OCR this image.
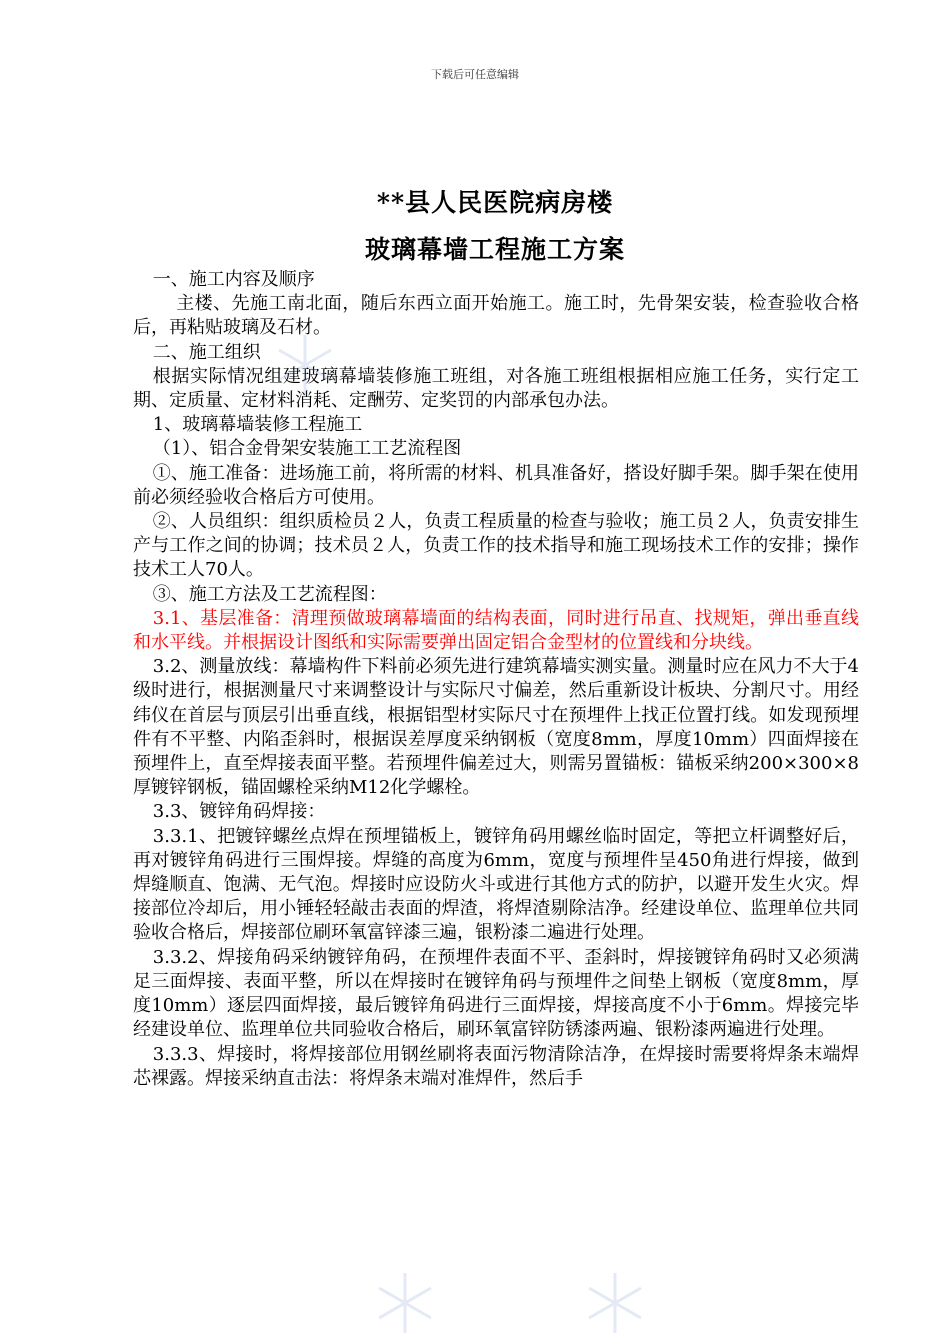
下载后可任意编辑
**县人民医院病房楼
玻璃幕墙工程施工方案

一、施工内容及顺序

主楼、先施工南北面，随后东西立面开始施工。施工时，先骨架安装，检查验收合格后，再粘贴玻璃及石材。

二、施工组织

根据实际情况组建玻璃幕墙装修施工班组，对各施工班组根据相应施工任务，实行定工期、定质量、定材料消耗、定酬劳、定奖罚的内部承包办法。

1、玻璃幕墙装修工程施工

（1）、铝合金骨架安装施工工艺流程图

①、施工准备：进场施工前，将所需的材料、机具准备好，搭设好脚手架。脚手架在使用前必须经验收合格后方可使用。

②、人员组织：组织质检员２人，负责工程质量的检查与验收；施工员２人，负责安排生产与工作之间的协调；技术员２人，负责工作的技术指导和施工现场技术工作的安排；操作技术工人70人。

③、施工方法及工艺流程图：

3.1、基层准备：清理预做玻璃幕墙面的结构表面，同时进行吊直、找规矩，弹出垂直线和水平线。并根据设计图纸和实际需要弹出固定铝合金型材的位置线和分块线。

3.2、测量放线：幕墙构件下料前必须先进行建筑幕墙实测实量。测量时应在风力不大于4级时进行，根据测量尺寸来调整设计与实际尺寸偏差，然后重新设计板块、分割尺寸。用经纬仪在首层与顶层引出垂直线，根据铝型材实际尺寸在预埋件上找正位置打线。如发现预埋件有不平整、内陷歪斜时，根据误差厚度采纳钢板（宽度8mm，厚度10mm）四面焊接在预埋件上，直至焊接表面平整。若预埋件偏差过大，则需另置锚板：锚板采纳200×300×8厚镀锌钢板，锚固螺栓采纳M12化学螺栓。

3.3、镀锌角码焊接：

3.3.1、把镀锌螺丝点焊在预埋锚板上，镀锌角码用螺丝临时固定，等把立杆调整好后，再对镀锌角码进行三围焊接。焊缝的高度为6mm，宽度与预埋件呈450角进行焊接，做到焊缝顺直、饱满、无气泡。焊接时应设防火斗或进行其他方式的防护，以避开发生火灾。焊接部位冷却后，用小锤轻轻敲击表面的焊渣，将焊渣剔除洁净。经建设单位、监理单位共同验收合格后，焊接部位刷环氧富锌漆三遍，银粉漆二遍进行处理。

3.3.2、焊接角码采纳镀锌角码，在预埋件表面不平、歪斜时，焊接镀锌角码时又必须满足三面焊接、表面平整，所以在焊接时在镀锌角码与预埋件之间垫上钢板（宽度8mm，厚度10mm）逐层四面焊接，最后镀锌角码进行三面焊接，焊接高度不小于6mm。焊接完毕经建设单位、监理单位共同验收合格后，刷环氧富锌防锈漆两遍、银粉漆两遍进行处理。

3.3.3、焊接时，将焊接部位用钢丝刷将表面污物清除洁净，在焊接时需要将焊条末端焊芯裸露。焊接采纳直击法：将焊条末端对准焊件，然后手
